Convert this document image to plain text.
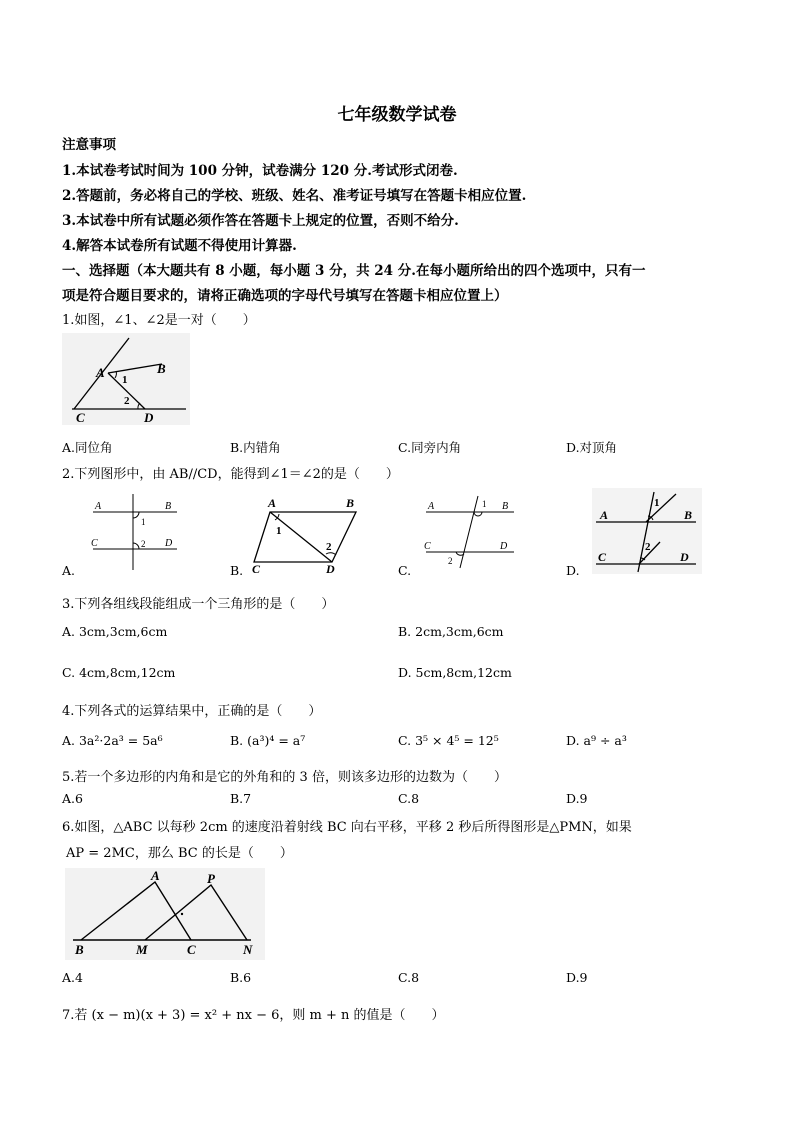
七年级数学试卷
注意事项
1.本试卷考试时间为 100 分钟，试卷满分 120 分.考试形式闭卷.
2.答题前，务必将自己的学校、班级、姓名、准考证号填写在答题卡相应位置.
3.本试卷中所有试题必须作答在答题卡上规定的位置，否则不给分.
4.解答本试卷所有试题不得使用计算器.
一、选择题（本大题共有 8 小题，每小题 3 分，共 24 分.在每小题所给出的四个选项中，只有一
项是符合题目要求的，请将正确选项的字母代号填写在答题卡相应位置上）
1.如图，∠1、∠2是一对（　　）
A	B
C	D
1
2
A.同位角	B.内错角	C.同旁内角	D.对顶角
2.下列图形中，由 AB//CD，能得到∠1＝∠2的是（　　）
A	B
C	D
1
2
A.
A	B
C	D
1
2
B.
A	B
C	D
1
2
C.
A	B
C	D
1
2
D.
3.下列各组线段能组成一个三角形的是（　　）
A. 3cm,3cm,6cm	B. 2cm,3cm,6cm
C. 4cm,8cm,12cm	D. 5cm,8cm,12cm
4.下列各式的运算结果中，正确的是（　　）
A. 3a²·2a³ = 5a⁶	B. (a³)⁴ = a⁷	C. 3⁵ × 4⁵ = 12⁵	D. a⁹ ÷ a³
5.若一个多边形的内角和是它的外角和的 3 倍，则该多边形的边数为（　　）
A.6	B.7	C.8	D.9
6.如图，△ABC 以每秒 2cm 的速度沿着射线 BC 向右平移，平移 2 秒后所得图形是△PMN，如果
AP = 2MC，那么 BC 的长是（　　）
A	P
B	M	C	N
A.4	B.6	C.8	D.9
7.若 (x − m)(x + 3) = x² + nx − 6，则 m + n 的值是（　　）
